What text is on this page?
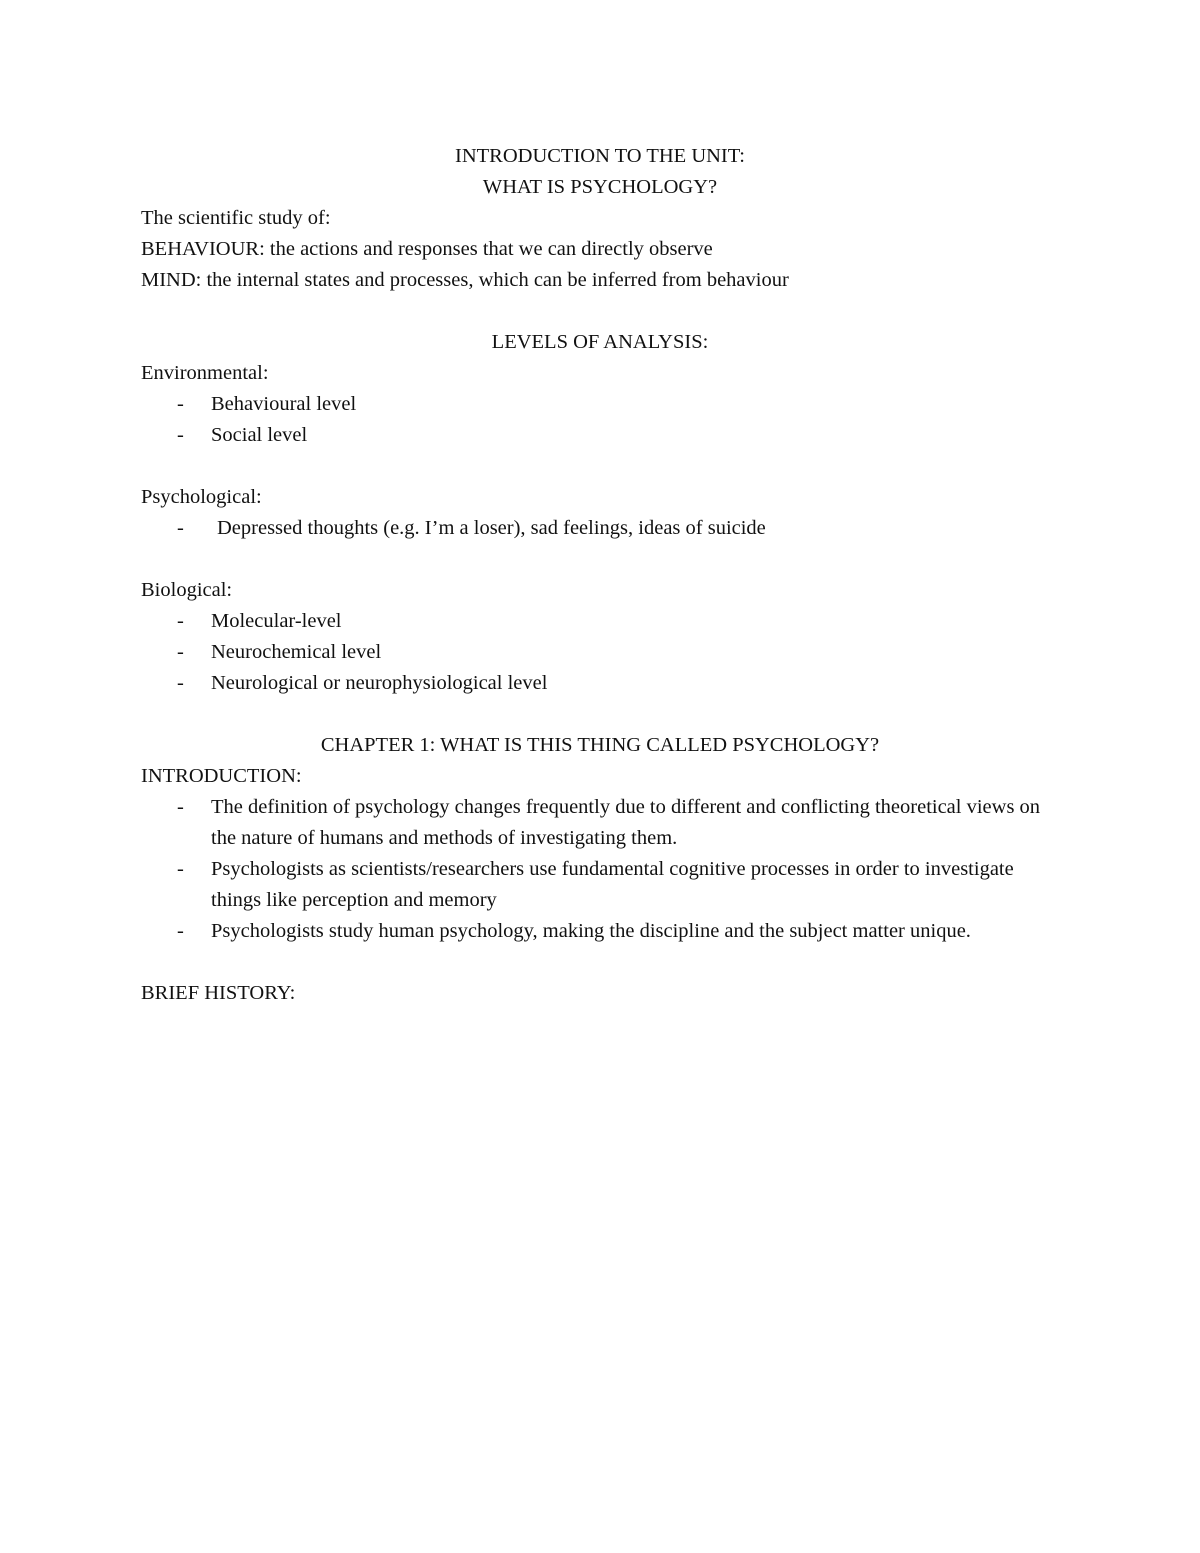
INTRODUCTION TO THE UNIT:
WHAT IS PSYCHOLOGY?
The scientific study of:
BEHAVIOUR: the actions and responses that we can directly observe
MIND: the internal states and processes, which can be inferred from behaviour
LEVELS OF ANALYSIS:
Environmental:
- Behavioural level
- Social level
Psychological:
- Depressed thoughts (e.g. I’m a loser), sad feelings, ideas of suicide
Biological:
- Molecular-level
- Neurochemical level
- Neurological or neurophysiological level
CHAPTER 1: WHAT IS THIS THING CALLED PSYCHOLOGY?
INTRODUCTION:
- The definition of psychology changes frequently due to different and conflicting theoretical views on the nature of humans and methods of investigating them.
- Psychologists as scientists/researchers use fundamental cognitive processes in order to investigate things like perception and memory
- Psychologists study human psychology, making the discipline and the subject matter unique.
BRIEF HISTORY:
